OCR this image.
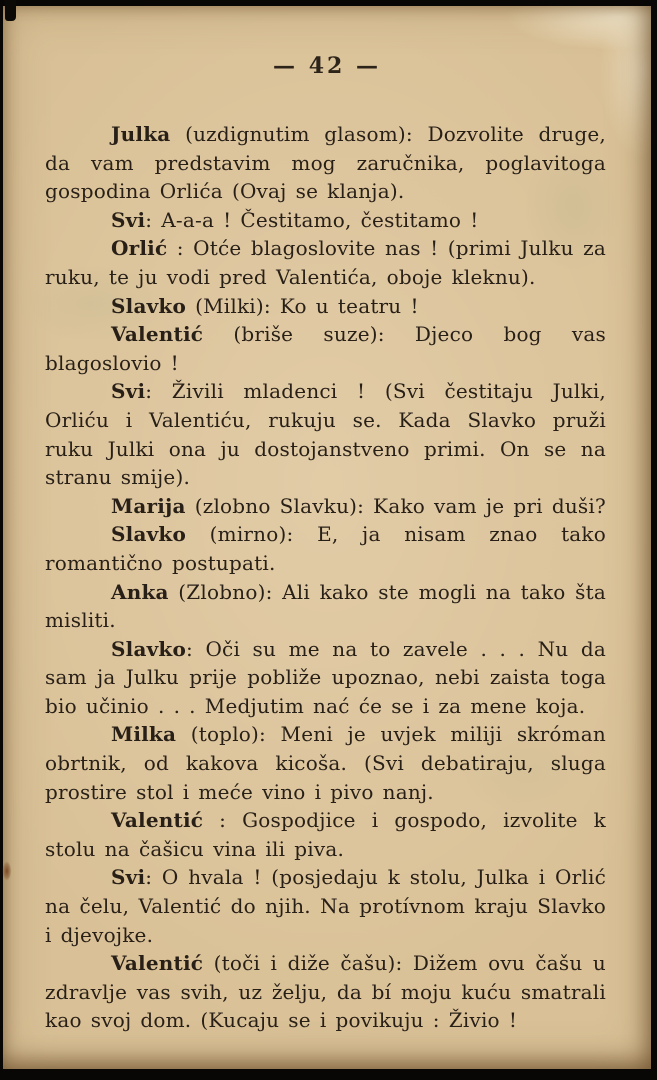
— 42 —

Julka (uzdignutim glasom): Dozvolite druge, da vam predstavim mog zaručnika, poglavitoga gospodina Orlića (Ovaj se klanja).

Svi: A-a-a ! Čestitamo, čestitamo !

Orlić : Otće blagoslovite nas ! (primi Julku za ruku, te ju vodi pred Valentića, oboje kleknu).

Slavko (Milki): Ko u teatru !

Valentić (briše suze): Djeco bog vas blagoslovio !

Svi: Živili mladenci ! (Svi čestitaju Julki, Orliću i Valentiću, rukuju se. Kada Slavko pruži ruku Julki ona ju dostojanstveno primi. On se na stranu smije).

Marija (zlobno Slavku): Kako vam je pri duši?

Slavko (mirno): E, ja nisam znao tako romantično postupati.

Anka (Zlobno): Ali kako ste mogli na tako šta misliti.

Slavko: Oči su me na to zavele . . . Nu da sam ja Julku prije pobliže upoznao, nebi zaista toga bio učinio . . . Medjutim nać će se i za mene koja.

Milka (toplo): Meni je uvjek miliji skróman obrtnik, od kakova kicoša. (Svi debatiraju, sluga prostire stol i meće vino i pivo nanj.

Valentić : Gospodjice i gospodo, izvolite k stolu na čašicu vina ili piva.

Svi: O hvala ! (posjedaju k stolu, Julka i Orlić na čelu, Valentić do njih. Na protívnom kraju Slavko i djevojke.

Valentić (toči i diže čašu): Dižem ovu čašu u zdravlje vas svih, uz želju, da bí moju kuću smatrali kao svoj dom. (Kucaju se i povikuju : Živio !
